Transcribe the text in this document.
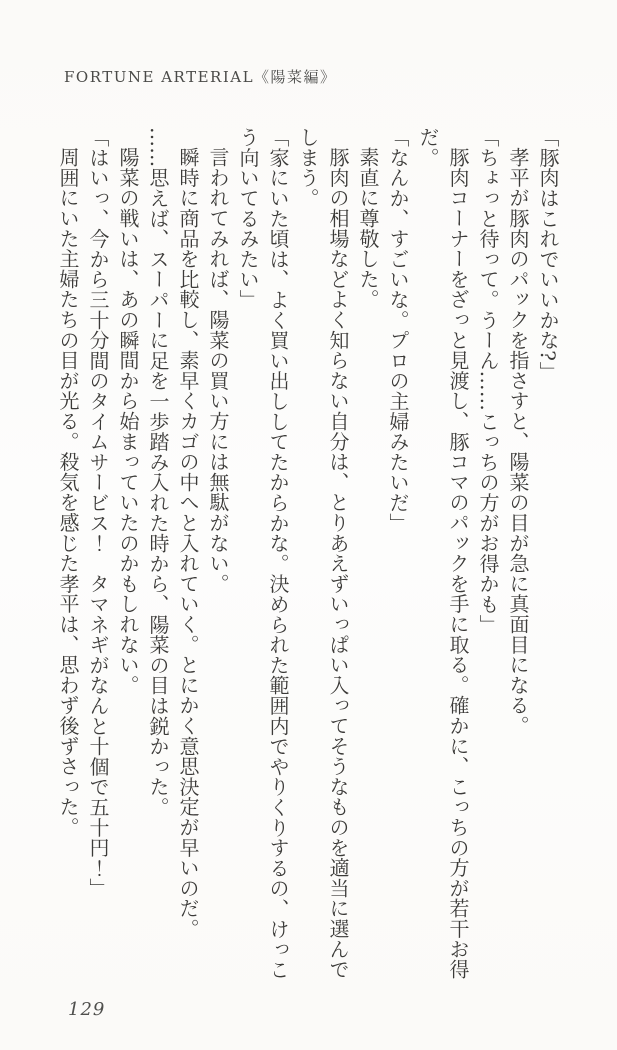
FORTUNE ARTERIAL《陽菜編》

「豚肉はこれでいいかな?」

孝平が豚肉のパックを指さすと、陽菜の目が急に真面目になる。

「ちょっと待って。うーん……こっちの方がお得かも」

豚肉コーナーをざっと見渡し、豚コマのパックを手に取る。確かに、こっちの方が若干お得だ。

「なんか、すごいな。プロの主婦みたいだ」

素直に尊敬した。

豚肉の相場などよく知らない自分は、とりあえずいっぱい入ってそうなものを適当に選んでしまう。

「家にいた頃は、よく買い出ししてたからかな。決められた範囲内でやりくりするの、けっこう向いてるみたい」

言われてみれば、陽菜の買い方には無駄がない。

瞬時に商品を比較し、素早くカゴの中へと入れていく。とにかく意思決定が早いのだ。

……思えば、スーパーに足を一歩踏み入れた時から、陽菜の目は鋭かった。

陽菜の戦いは、あの瞬間から始まっていたのかもしれない。

「はいっ、今から三十分間のタイムサービス！　タマネギがなんと十個で五十円！」

周囲にいた主婦たちの目が光る。殺気を感じた孝平は、思わず後ずさった。

129
